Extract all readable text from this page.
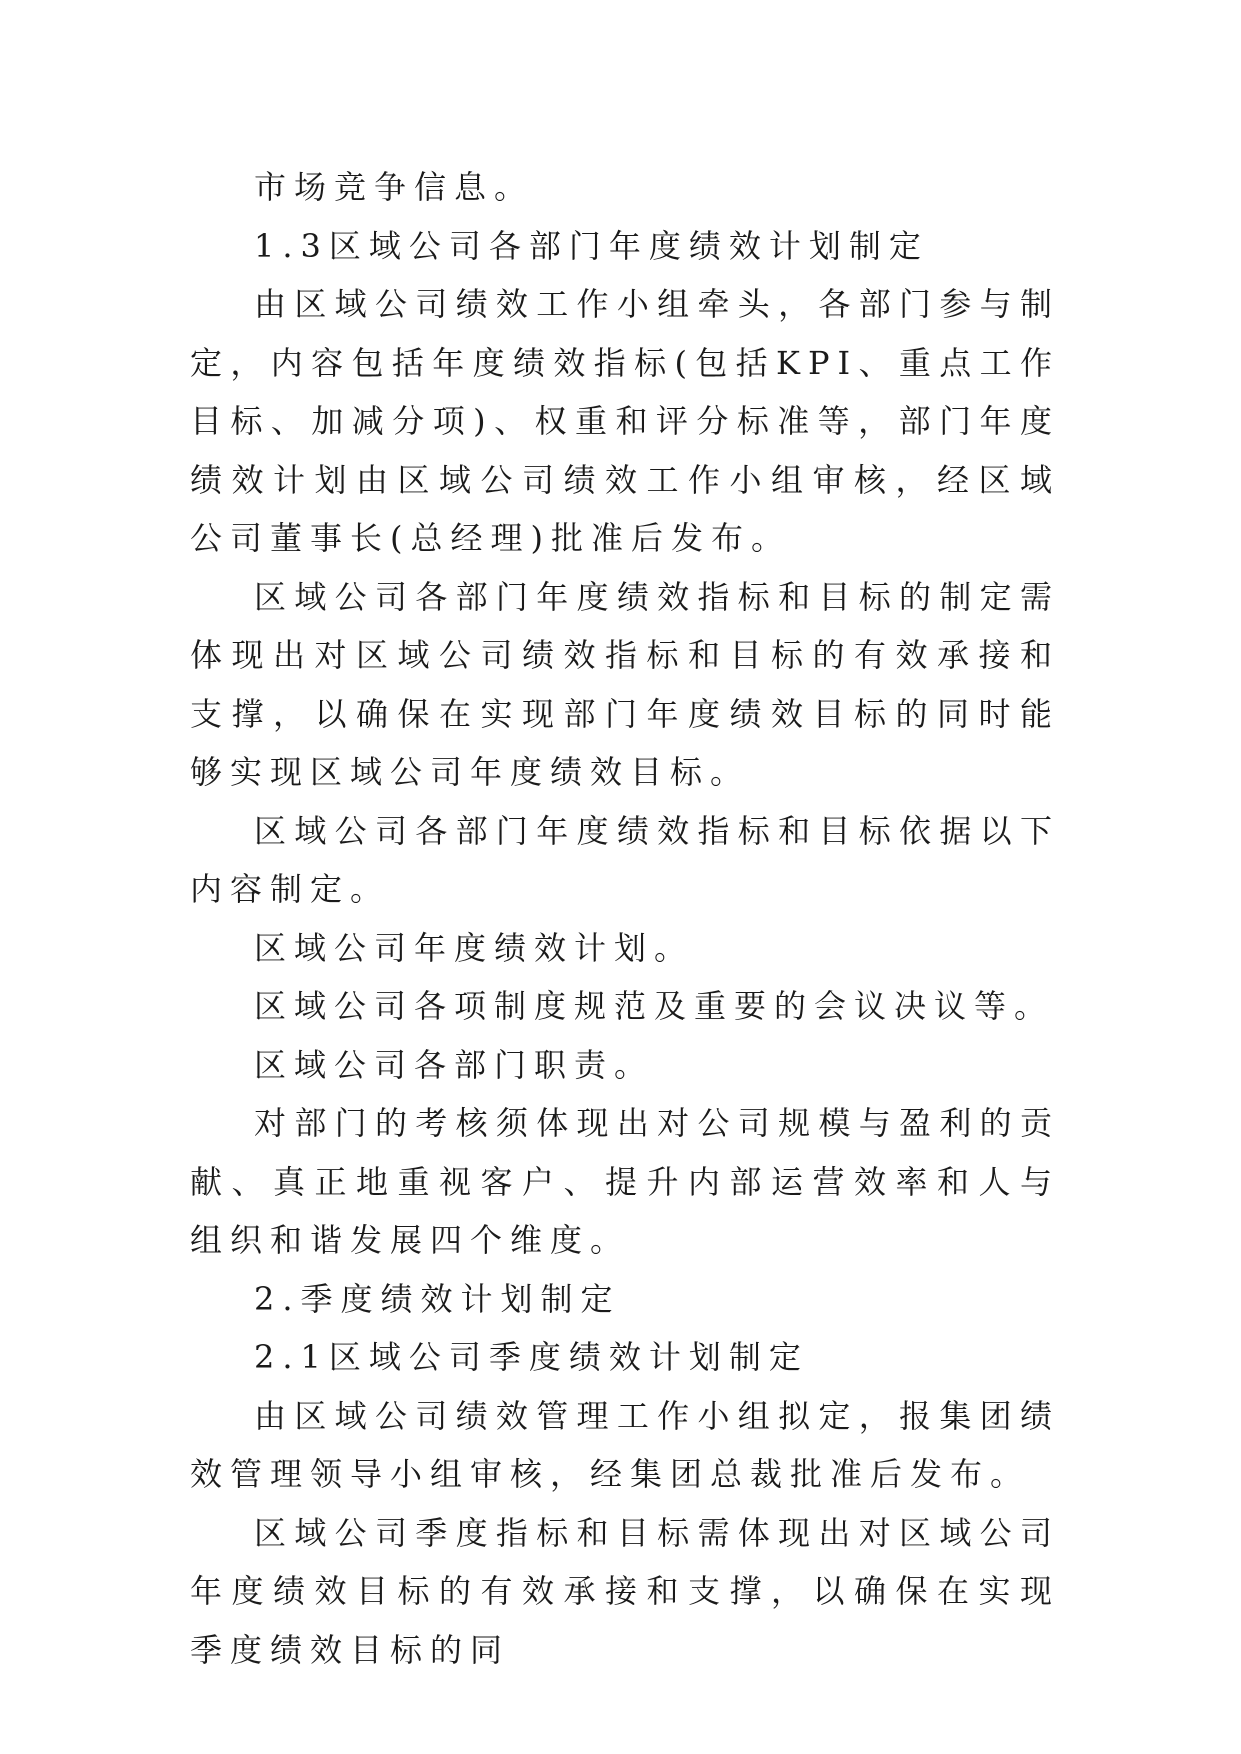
市场竞争信息。

1.3区域公司各部门年度绩效计划制定

由区域公司绩效工作小组牵头，各部门参与制定，内容包括年度绩效指标(包括KPI、重点工作目标、加减分项)、权重和评分标准等，部门年度绩效计划由区域公司绩效工作小组审核，经区域公司董事长(总经理)批准后发布。

区域公司各部门年度绩效指标和目标的制定需体现出对区域公司绩效指标和目标的有效承接和支撑，以确保在实现部门年度绩效目标的同时能够实现区域公司年度绩效目标。

区域公司各部门年度绩效指标和目标依据以下内容制定。

区域公司年度绩效计划。

区域公司各项制度规范及重要的会议决议等。

区域公司各部门职责。

对部门的考核须体现出对公司规模与盈利的贡献、真正地重视客户、提升内部运营效率和人与组织和谐发展四个维度。

2.季度绩效计划制定

2.1区域公司季度绩效计划制定

由区域公司绩效管理工作小组拟定，报集团绩效管理领导小组审核，经集团总裁批准后发布。

区域公司季度指标和目标需体现出对区域公司年度绩效目标的有效承接和支撑，以确保在实现季度绩效目标的同
